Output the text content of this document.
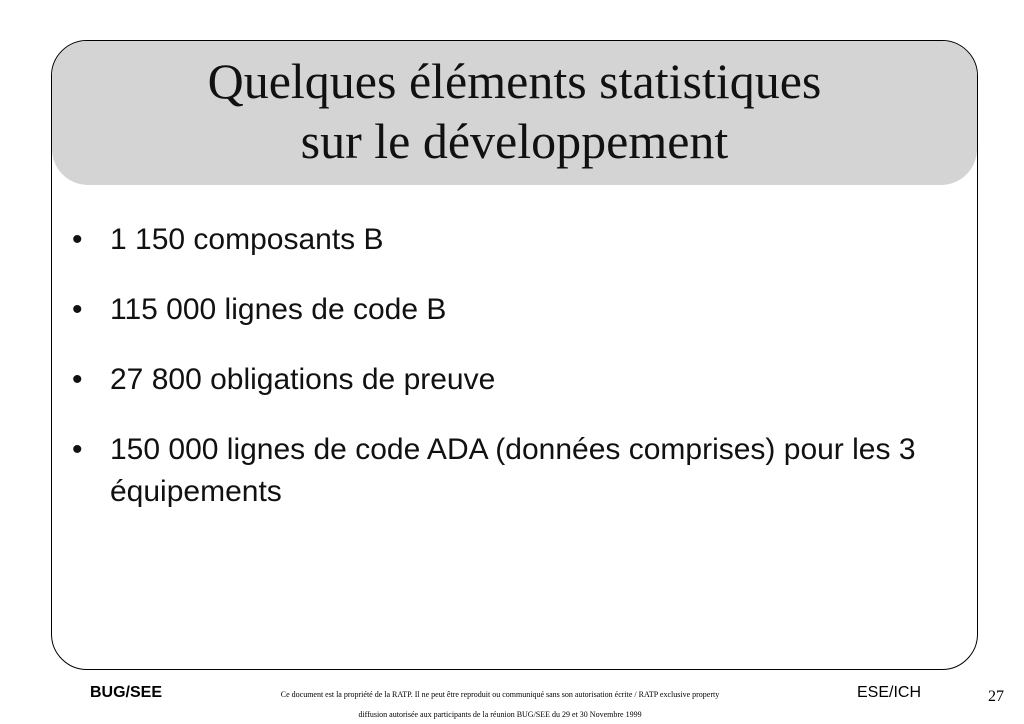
Quelques éléments statistiques
sur le développement
• 1 150 composants B
• 115 000 lignes de code B
• 27 800 obligations de preuve
• 150 000 lignes de code ADA (données comprises) pour les 3 équipements
BUG/SEE	Ce document est la propriété de la RATP. Il ne peut être reproduit ou communiqué sans son autorisation écrite / RATP exclusive property
diffusion autorisée aux participants de la réunion BUG/SEE du 29 et 30 Novembre 1999
ESE/ICH	27
